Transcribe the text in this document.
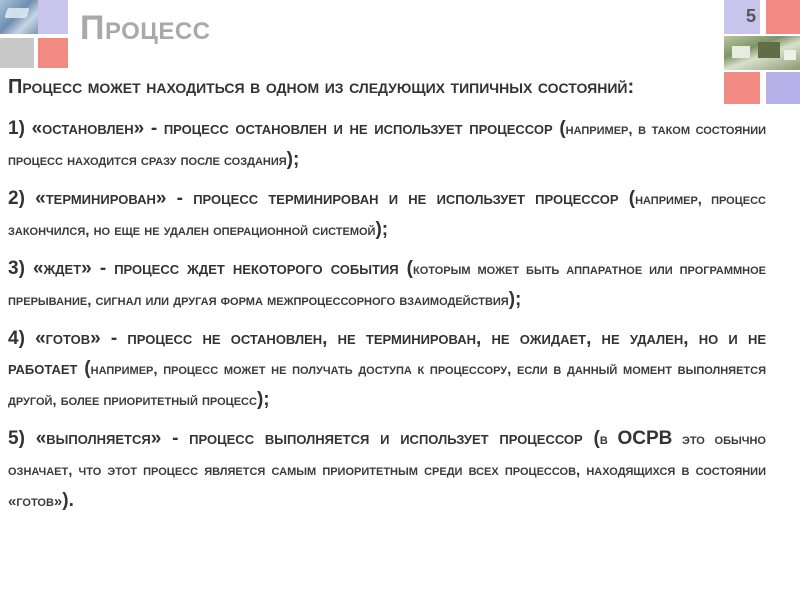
Процесс	5

Процесс может находиться в одном из следующих типичных состояний:

1) «остановлен» - процесс остановлен и не использует процессор (например, в таком состоянии процесс находится сразу после создания);

2) «терминирован» - процесс терминирован и не использует процессор (например, процесс закончился, но еще не удален операционной системой);

3) «ждет» - процесс ждет некоторого события (которым может быть аппаратное или программное прерывание, сигнал или другая форма межпроцессорного взаимодействия);

4) «готов» - процесс не остановлен, не терминирован, не ожидает, не удален, но и не работает (например, процесс может не получать доступа к процессору, если в данный момент выполняется другой, более приоритетный процесс);

5) «выполняется» - процесс выполняется и использует процессор (в ОСРВ это обычно означает, что этот процесс является самым приоритетным среди всех процессов, находящихся в состоянии «готов»).
